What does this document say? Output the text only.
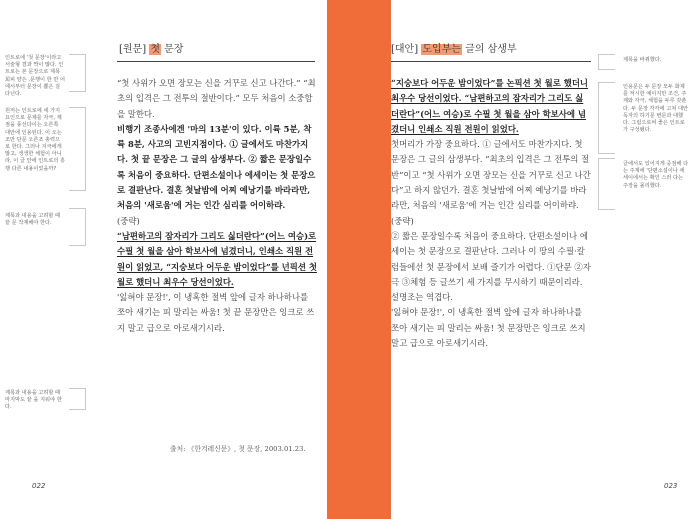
인트로에 '첫 문장'이라고 서술형 결과 짝이 많다. 인트로는 본 문장으로 제목 회피 양은 ,문행이 한 만 어에서부터 문장이 뽑은 걸 다닌다.
원저는 인트로에 세 가지 요인으로 문제를 자극, 제 점을 풍선다이는 오른쪽 대안에 인용된다. 이 오는 조만 단문 오른조 총력으로 한다. 그러나 지극에게 많고, 생생한 체험이 아니라, 이 글 안에 인트로의 흥행 다른 내용이었을까?
제목과 내용을 고려할 때 끝 문 작제해야 한다.
제목과 내용을 고려할 때 마지막도 끝 을 지워야 한다.
[원문] 첫 문장

“첫 사위가 오면 장모는 신을 거꾸로 신고 나간다.” “최초의 입격은 그 전투의 절반이다.” 모두 처음이 소중함을 말한다.

비행기 조종사에겐 '마의 13분'이 있다. 이륙 5분, 착륙 8분, 사고의 고빈지점이다. ① 글에서도 마찬가지다. 첫 끝 문장은 그 글의 삼생부다. ② 짧은 문장일수록 처음이 중요하다. 단편소설이나 에세이는 첫 문장으로 결판난다. 결혼 첫날밤에 어찌 예낭기를 바라라만, 처음의 '새로움'에 거는 인간 심리를 어이하랴.

(중략)

“남편하고의 잠자리가 그리도 싫더란다”(어느 여승)로 수필 첫 월을 삼아 학보사에 넘겼더니, 인쇄소 직원 전원이 읽었고, “지숭보다 어두운 밤이었다”를 넌픽션 첫 월로 했더니 최우수 당선이었다.

'잃혀야 문장!', 이 냉혹한 절벽 앞에 글자 하나하나를 쪼아 새기는 피 말리는 싸움! 첫 끝 문장만은 잉크로 쓰지 말고 급으로 아로새기시라.

출처: 《한겨레신문》, 첫 문장, 2003.01.23.
022
[대안] 도입부는 글의 삼생부

“지숭보다 어두운 밤이었다”를 논픽션 첫 월로 했더니 최우수 당선이었다. “남편하고의 잠자리가 그리도 싫더란다”(어느 여승)로 수필 첫 월을 삼아 학보사에 넘겼더니 인쇄소 직원 전원이 읽었다.

첫머리가 가장 중요하다. ① 글에서도 마찬가지다. 첫 문장은 그 글의 삼생부다. “최초의 입격은 그 전투의 절반”이고 “첫 사위가 오면 장모는 신을 거꾸로 신고 나간다”고 하지 않던가. 결혼 첫날밤에 어찌 예낭기를 바라라만, 처음의 '새로움'에 거는 인간 심리를 어이하랴.

(중략)

② 짧은 문장일수록 처음이 중요하다. 단편소설이나 에세이는 첫 문장으로 결판난다. 그러나 이 땅의 수필·칼럼들에선 첫 문장에서 보배 즐기가 어렵다. ①단문 ②자극 ③체험 등 글쓰기 세 가지를 무시하기 때문이리라. 설명조는 역겹다.

'잃혀야 문장!', 이 냉혹한 절벽 앞에 글자 하나하나를 쪼아 새기는 피 말리는 싸움! 첫 문장만은 잉크로 쓰지 말고 급으로 아로새기시라.

제목을 바꿔했다.
인용문은 두 문장 모두 화제를 저시한 예이지만 조건, 주제와 자극, 체험을 두루 갖춘다. 두 문장 각각에 고쳐 대안 독자의 하기문 변문과 대했다. 그럼으로써 좋은 인트로가 구성됐다.
글에서도 있어지게 중점해 다는 주제에 '단편소설이나 에세이에서는 확인 스러 다는 주장을 몰리했다.
023
